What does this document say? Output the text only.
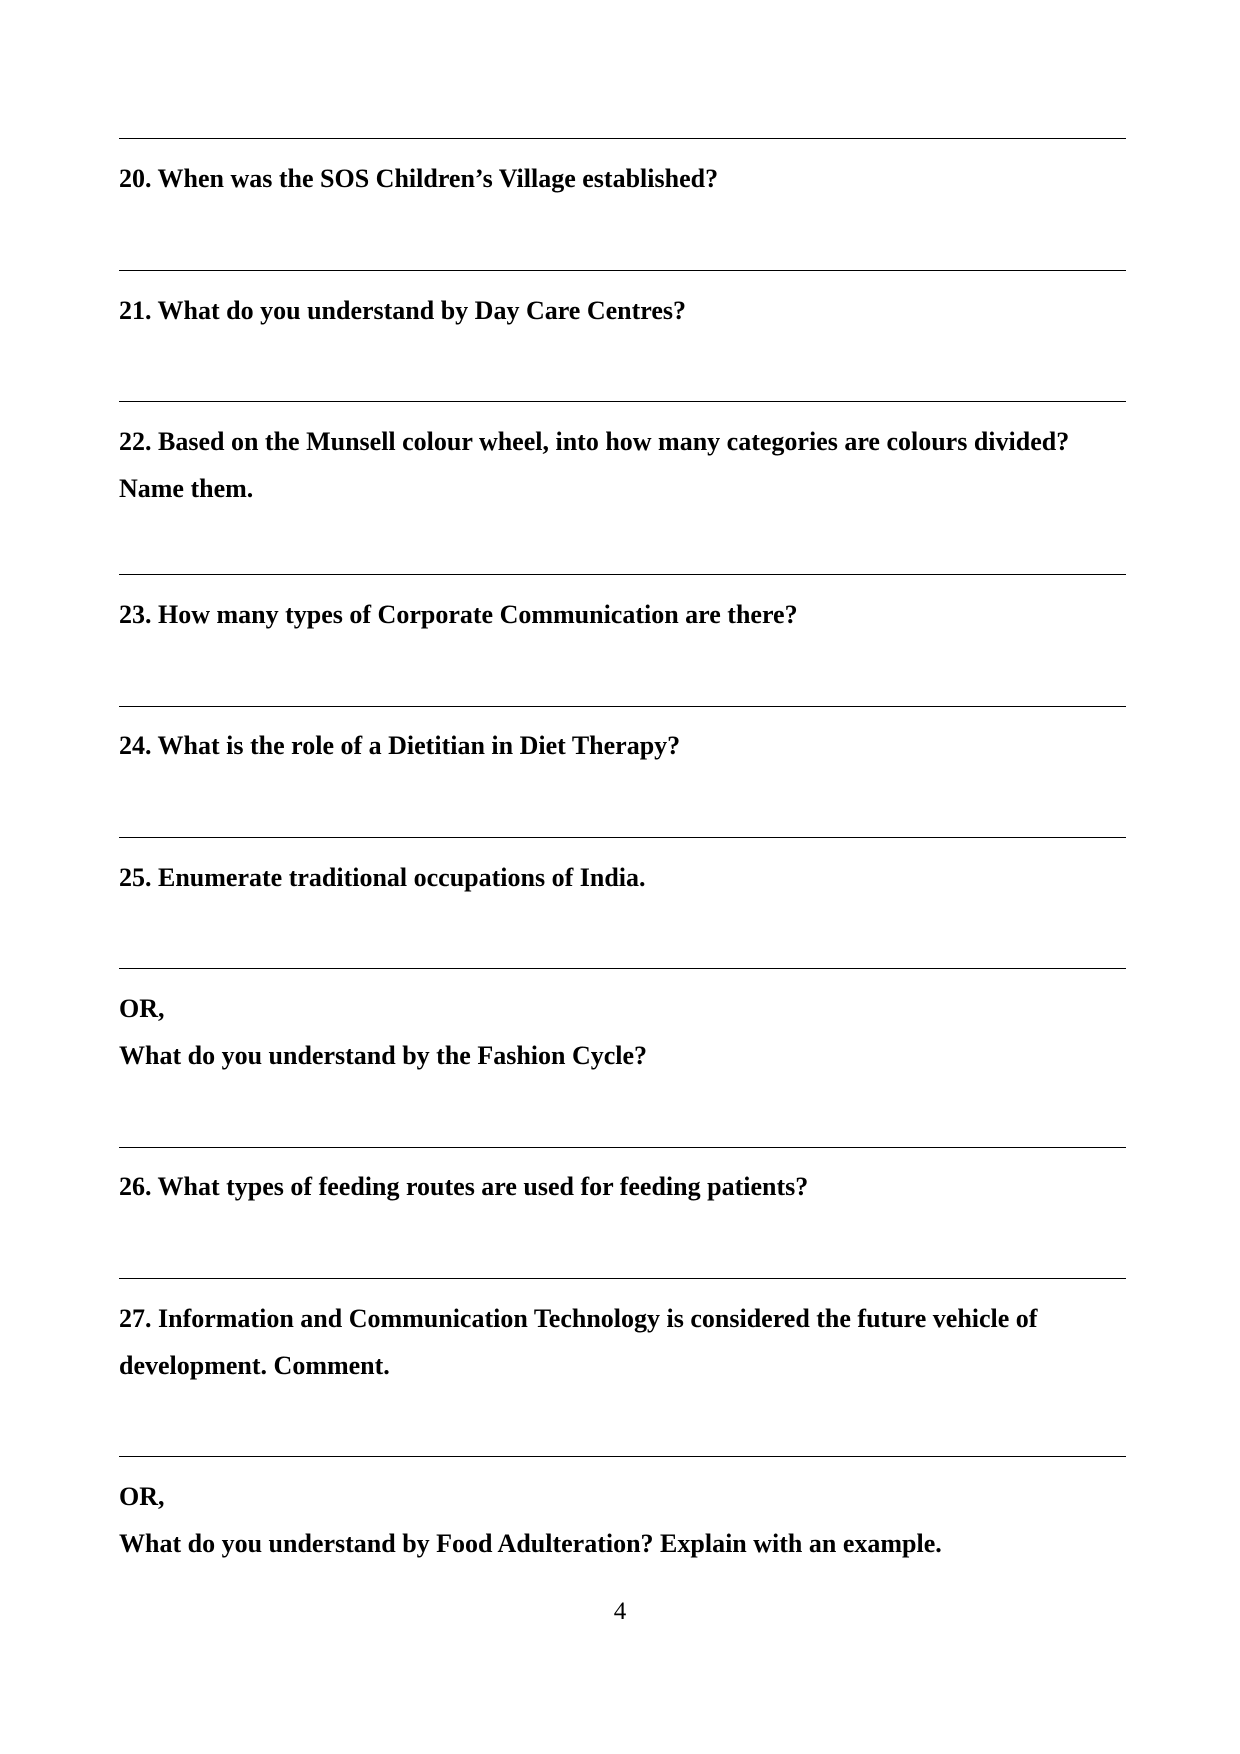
20. When was the SOS Children’s Village established?
21. What do you understand by Day Care Centres?
22. Based on the Munsell colour wheel, into how many categories are colours divided?
Name them.
23. How many types of Corporate Communication are there?
24. What is the role of a Dietitian in Diet Therapy?
25. Enumerate traditional occupations of India.
OR,
What do you understand by the Fashion Cycle?
26. What types of feeding routes are used for feeding patients?
27. Information and Communication Technology is considered the future vehicle of
development. Comment.
OR,
What do you understand by Food Adulteration? Explain with an example.
4
